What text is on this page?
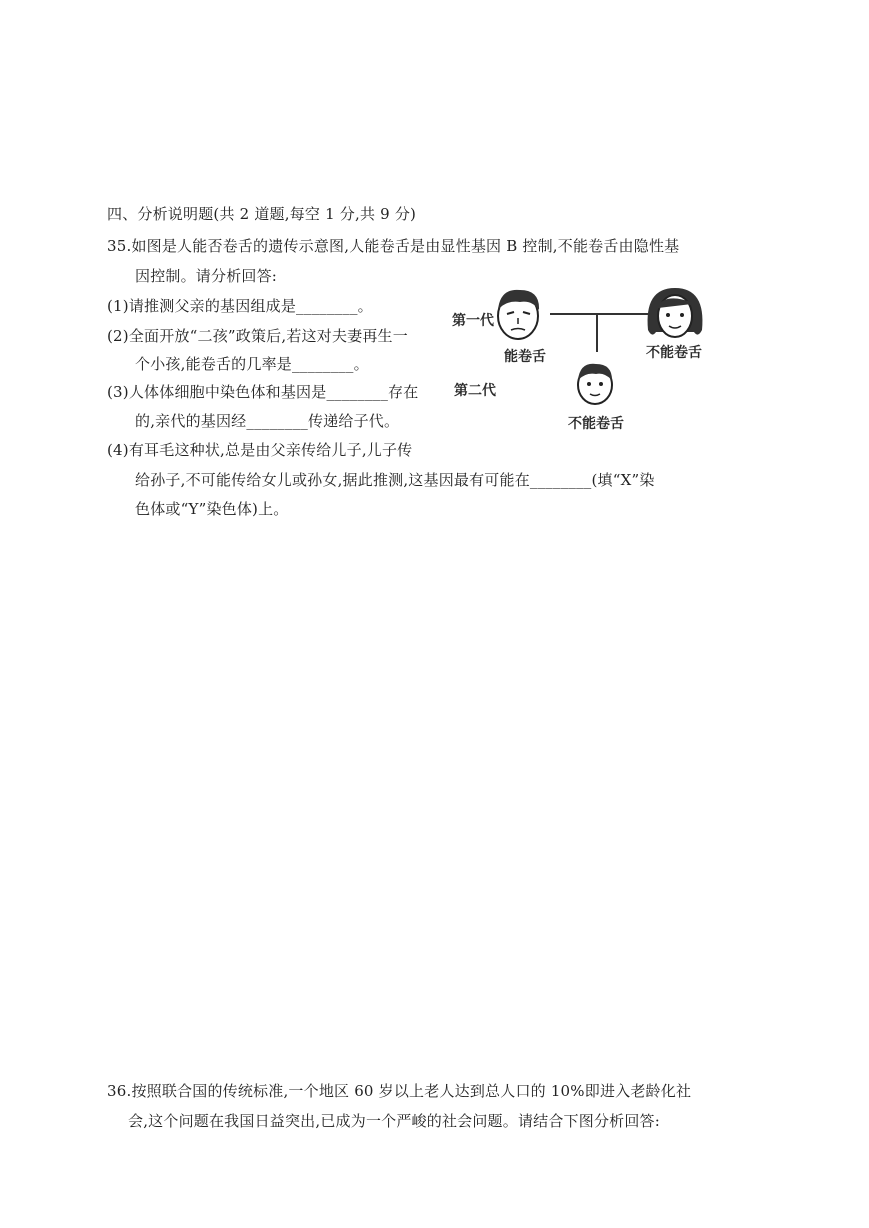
四、分析说明题(共 2 道题,每空 1 分,共 9 分)
35.如图是人能否卷舌的遗传示意图,人能卷舌是由显性基因 B 控制,不能卷舌由隐性基
因控制。请分析回答:
(1)请推测父亲的基因组成是________。
(2)全面开放“二孩”政策后,若这对夫妻再生一
个小孩,能卷舌的几率是________。
(3)人体体细胞中染色体和基因是________存在
的,亲代的基因经________传递给子代。
(4)有耳毛这种状,总是由父亲传给儿子,儿子传
给孙子,不可能传给女儿或孙女,据此推测,这基因最有可能在________(填“X”染
色体或“Y”染色体)上。
第一代
第二代
能卷舌	不能卷舌
不能卷舌
36.按照联合国的传统标准,一个地区 60 岁以上老人达到总人口的 10%即进入老龄化社
会,这个问题在我国日益突出,已成为一个严峻的社会问题。请结合下图分析回答:
